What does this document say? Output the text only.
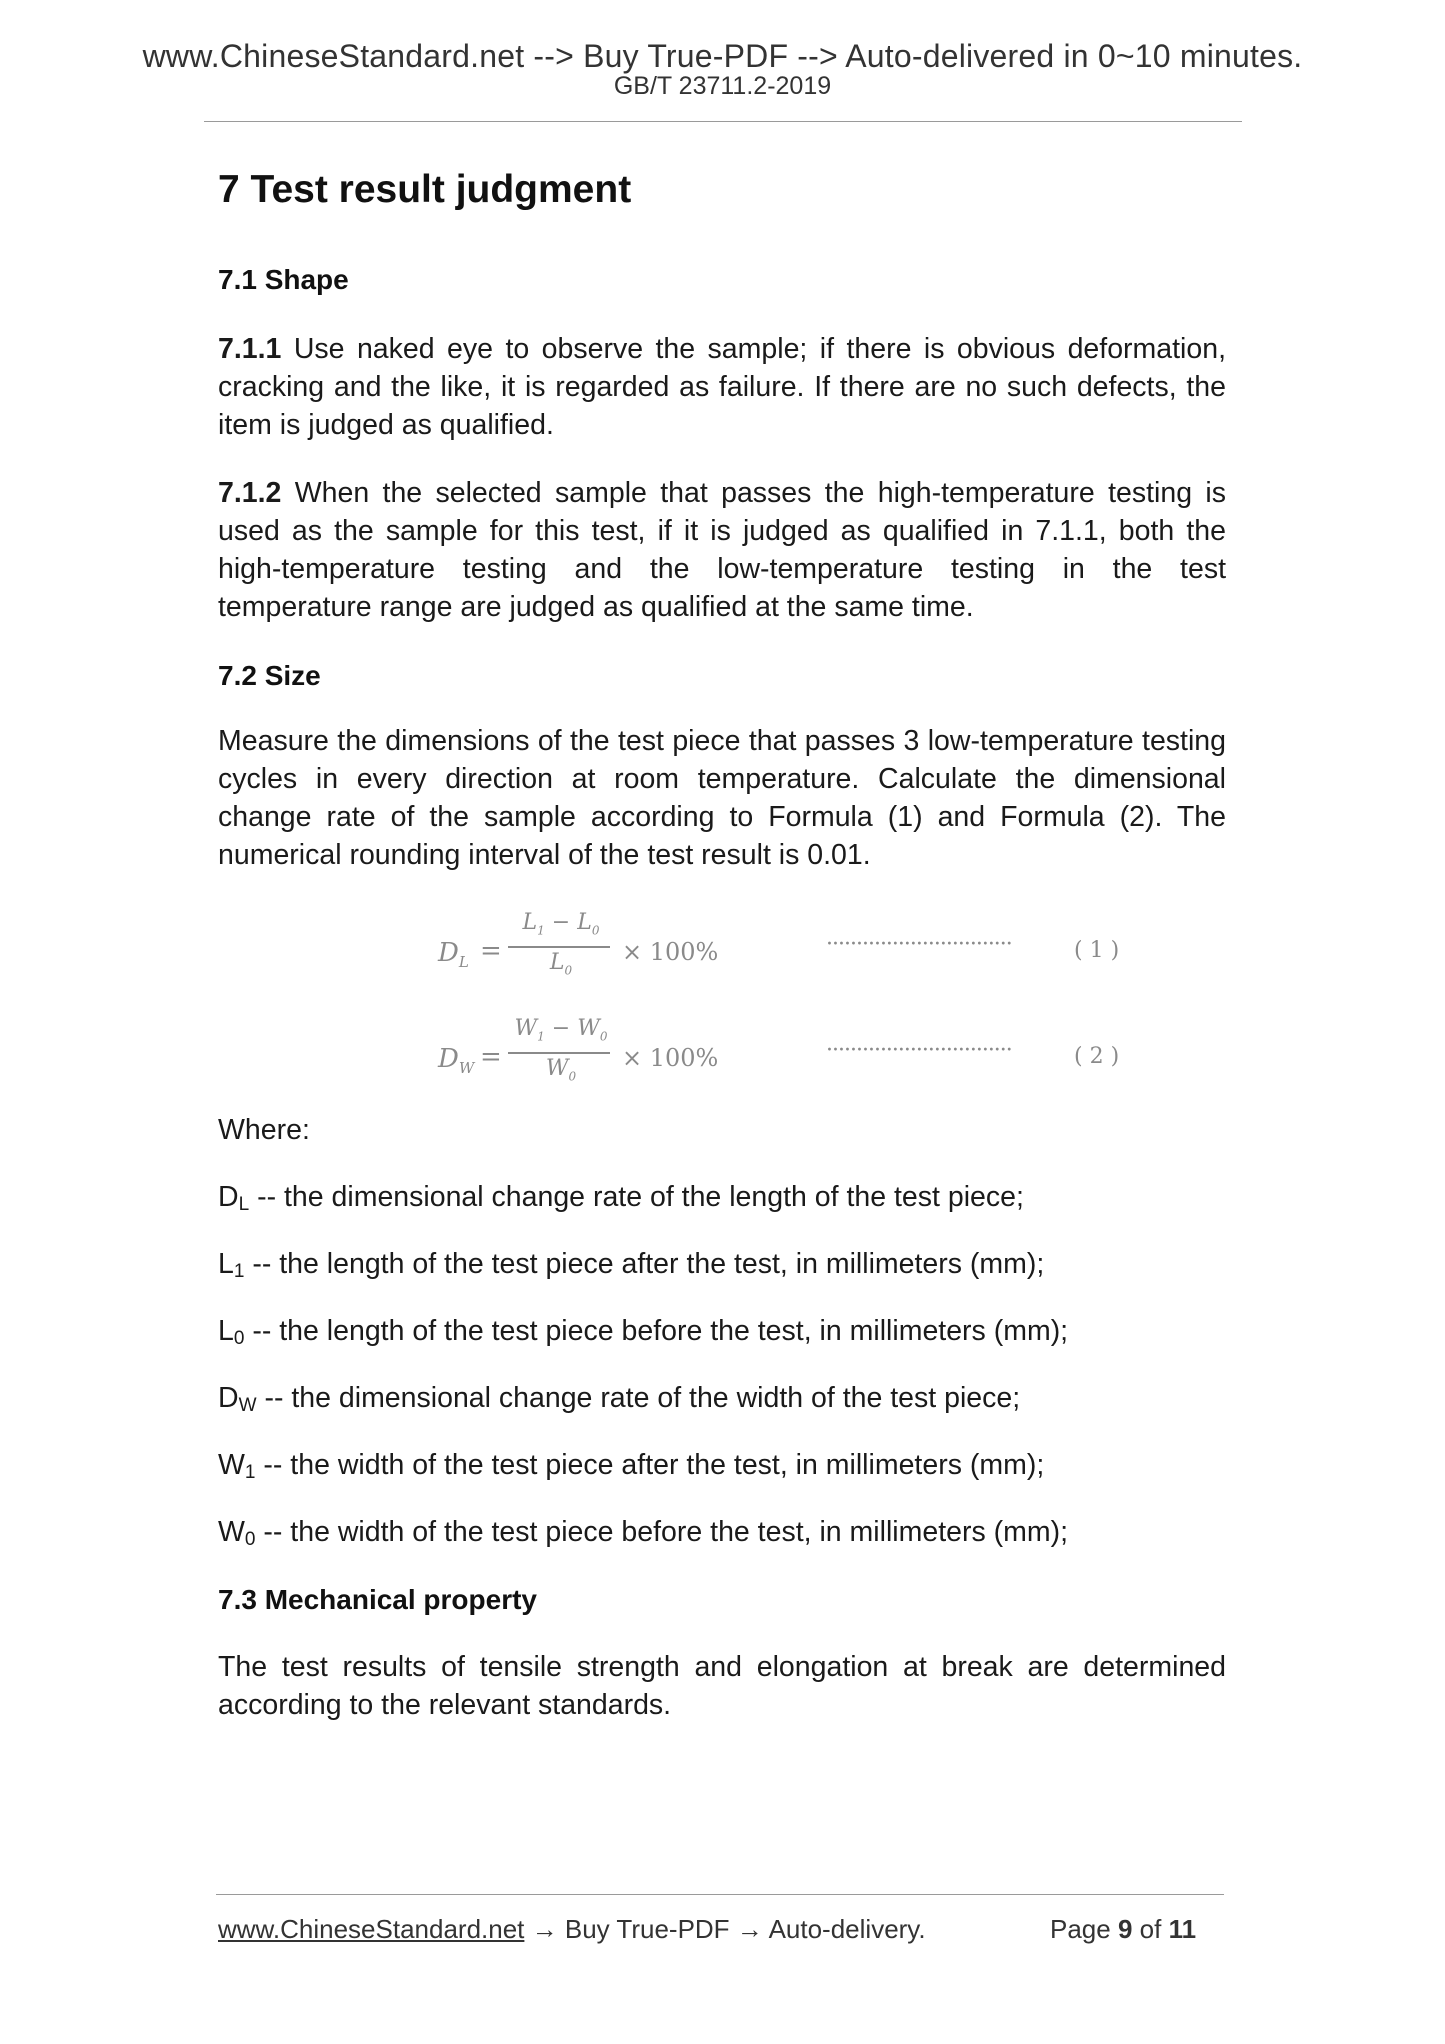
www.ChineseStandard.net --> Buy True-PDF --> Auto-delivered in 0~10 minutes.
GB/T 23711.2-2019
7 Test result judgment
7.1 Shape
7.1.1 Use naked eye to observe the sample; if there is obvious deformation, cracking and the like, it is regarded as failure. If there are no such defects, the item is judged as qualified.
7.1.2 When the selected sample that passes the high-temperature testing is used as the sample for this test, if it is judged as qualified in 7.1.1, both the high-temperature testing and the low-temperature testing in the test temperature range are judged as qualified at the same time.
7.2 Size
Measure the dimensions of the test piece that passes 3 low-temperature testing cycles in every direction at room temperature. Calculate the dimensional change rate of the sample according to Formula (1) and Formula (2). The numerical rounding interval of the test result is 0.01.
$D_L$ =
$L_1 - L_0$
$L_0$
× 100%	·······························	( 1 )
$D_W$ =
$W_1 - W_0$
$W_0$
× 100%	·······························	( 2 )
Where:
$D_L$ -- the dimensional change rate of the length of the test piece;
$L_1$ -- the length of the test piece after the test, in millimeters (mm);
$L_0$ -- the length of the test piece before the test, in millimeters (mm);
$D_W$ -- the dimensional change rate of the width of the test piece;
$W_1$ -- the width of the test piece after the test, in millimeters (mm);
$W_0$ -- the width of the test piece before the test, in millimeters (mm);
7.3 Mechanical property
The test results of tensile strength and elongation at break are determined according to the relevant standards.
www.ChineseStandard.net → Buy True-PDF → Auto-delivery.	Page 9 of 11
